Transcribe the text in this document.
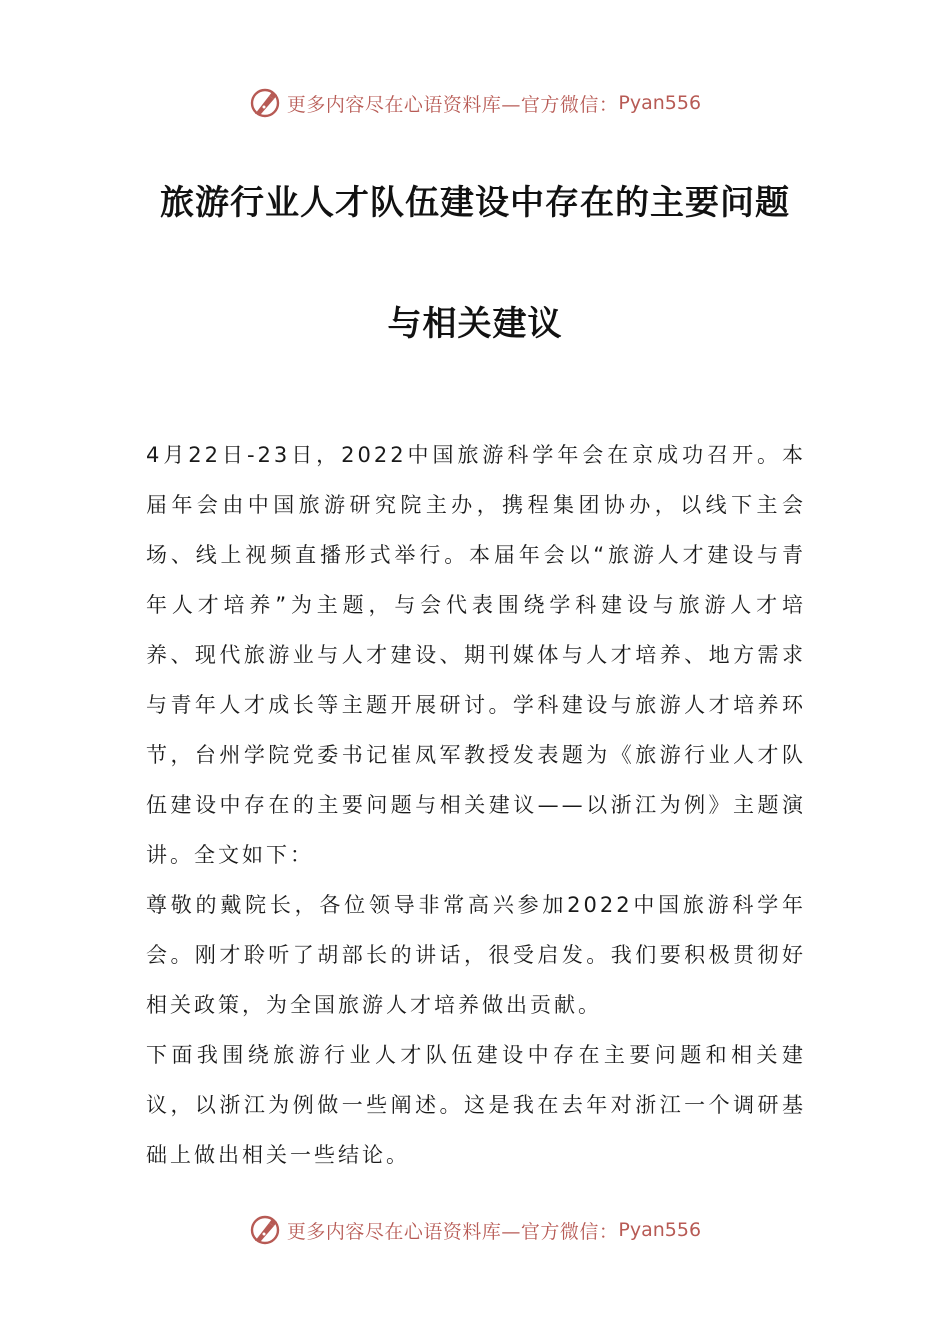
更多内容尽在心语资料库—官方微信： Pyan556
旅游行业人才队伍建设中存在的主要问题
与相关建议

4月22日-23日，2022中国旅游科学年会在京成功召开。本届年会由中国旅游研究院主办，携程集团协办，以线下主会场、线上视频直播形式举行。本届年会以“旅游人才建设与青年人才培养”为主题，与会代表围绕学科建设与旅游人才培养、现代旅游业与人才建设、期刊媒体与人才培养、地方需求与青年人才成长等主题开展研讨。学科建设与旅游人才培养环节，台州学院党委书记崔凤军教授发表题为《旅游行业人才队伍建设中存在的主要问题与相关建议——以浙江为例》主题演讲。全文如下：

尊敬的戴院长，各位领导非常高兴参加2022中国旅游科学年会。刚才聆听了胡部长的讲话，很受启发。我们要积极贯彻好相关政策，为全国旅游人才培养做出贡献。

下面我围绕旅游行业人才队伍建设中存在主要问题和相关建议，以浙江为例做一些阐述。这是我在去年对浙江一个调研基础上做出相关一些结论。

更多内容尽在心语资料库—官方微信： Pyan556
